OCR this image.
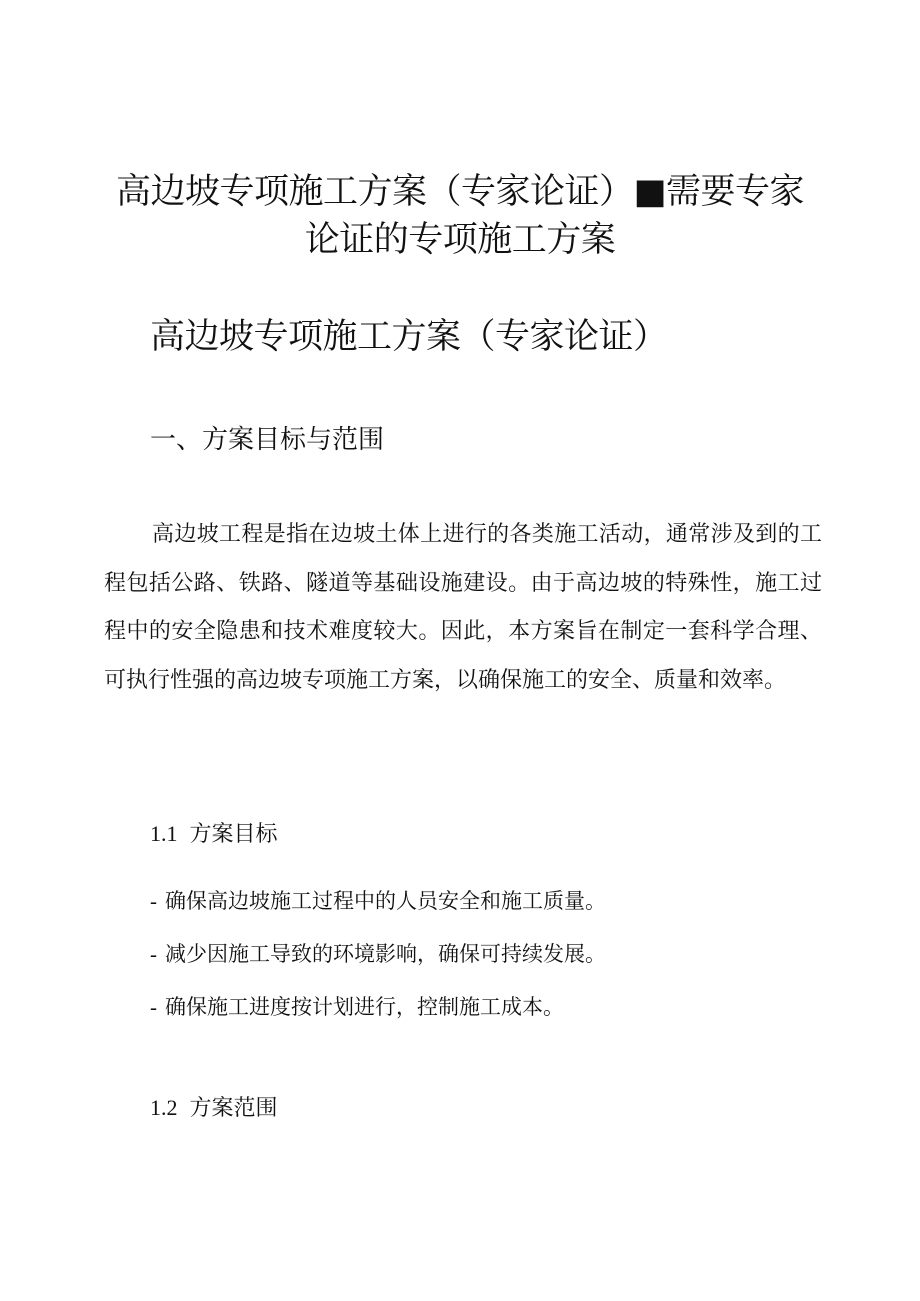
高边坡专项施工方案（专家论证）■需要专家论证的专项施工方案
高边坡专项施工方案（专家论证）
一、方案目标与范围

高边坡工程是指在边坡土体上进行的各类施工活动，通常涉及到的工程包括公路、铁路、隧道等基础设施建设。由于高边坡的特殊性，施工过程中的安全隐患和技术难度较大。因此，本方案旨在制定一套科学合理、可执行性强的高边坡专项施工方案，以确保施工的安全、质量和效率。

1.1 方案目标
- 确保高边坡施工过程中的人员安全和施工质量。
- 减少因施工导致的环境影响，确保可持续发展。
- 确保施工进度按计划进行，控制施工成本。
1.2 方案范围
